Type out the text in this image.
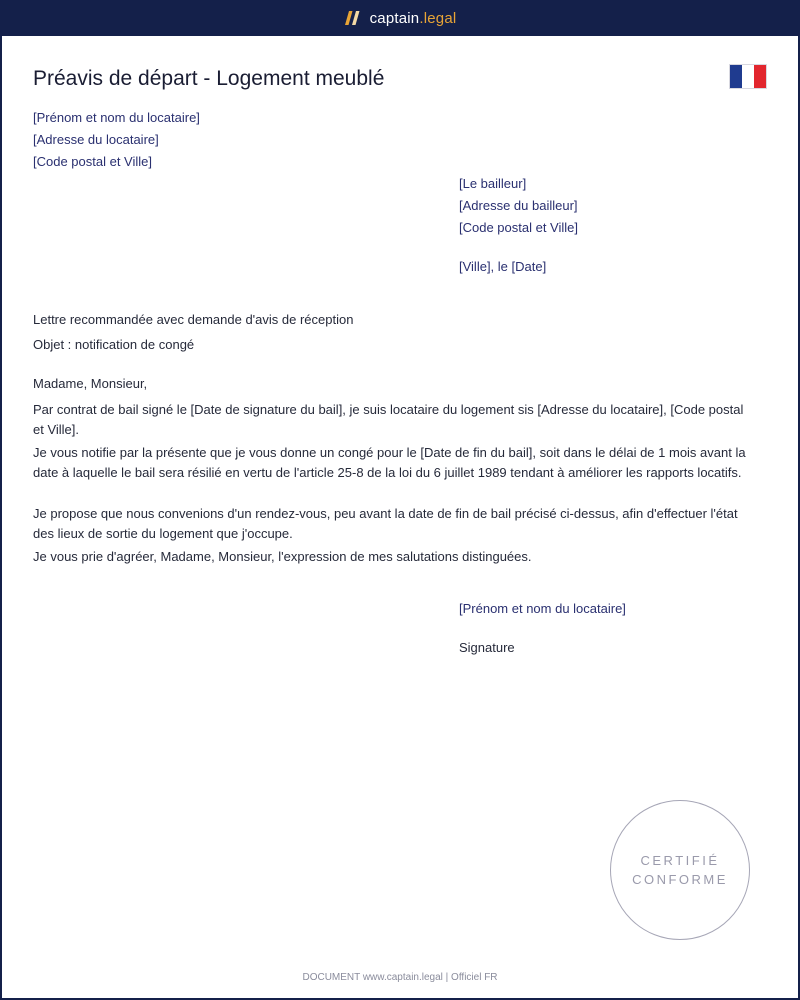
captain.legal
Préavis de départ - Logement meublé
[Prénom et nom du locataire]
[Adresse du locataire]
[Code postal et Ville]
[Le bailleur]
[Adresse du bailleur]
[Code postal et Ville]
[Ville], le [Date]
Lettre recommandée avec demande d'avis de réception
Objet : notification de congé
Madame, Monsieur,
Par contrat de bail signé le [Date de signature du bail], je suis locataire du logement sis [Adresse du locataire], [Code postal et Ville].
Je vous notifie par la présente que je vous donne un congé pour le [Date de fin du bail], soit dans le délai de 1 mois avant la date à laquelle le bail sera résilié en vertu de l'article 25-8 de la loi du 6 juillet 1989 tendant à améliorer les rapports locatifs.
Je propose que nous convenions d'un rendez-vous, peu avant la date de fin de bail précisé ci-dessus, afin d'effectuer l'état des lieux de sortie du logement que j'occupe.
Je vous prie d'agréer, Madame, Monsieur, l'expression de mes salutations distinguées.
[Prénom et nom du locataire]
Signature
CERTIFIÉ
CONFORME
DOCUMENT www.captain.legal | Officiel FR
